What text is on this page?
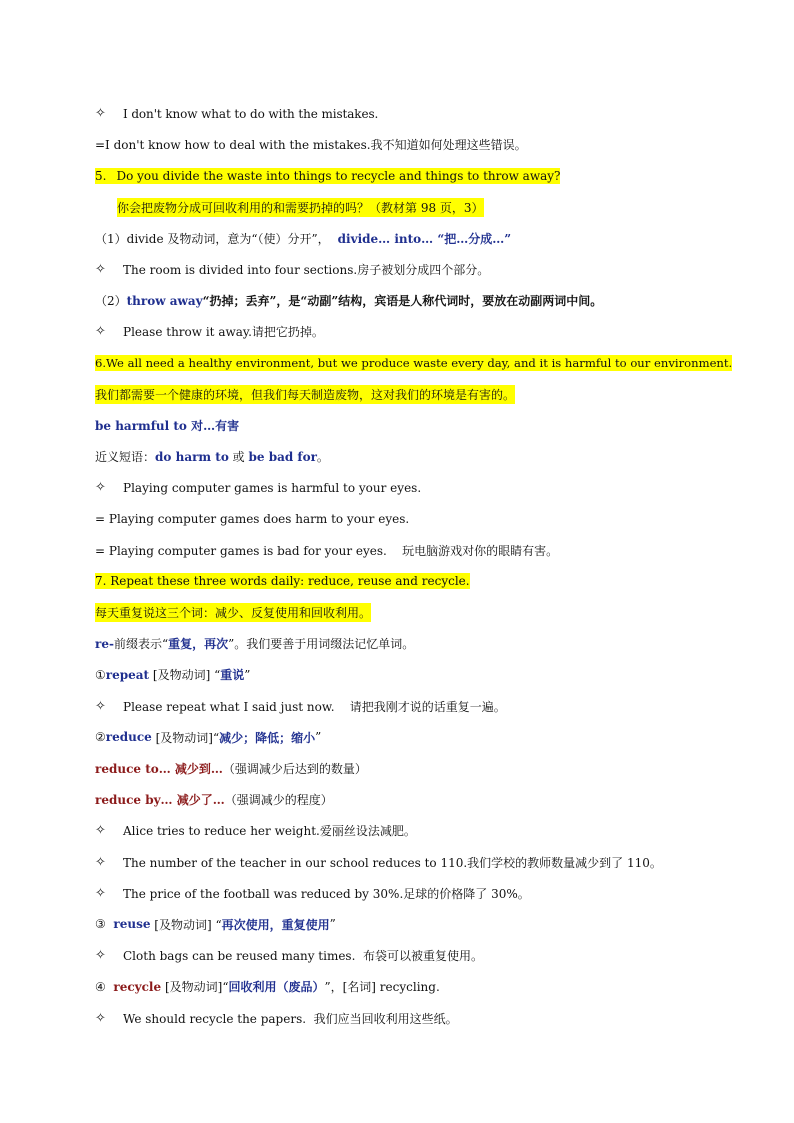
✧	I don't know what to do with the mistakes.
=I don't know how to deal with the mistakes.我不知道如何处理这些错误。
5. Do you divide the waste into things to recycle and things to throw away?
你会把废物分成可回收利用的和需要扔掉的吗？（教材第 98 页，3）
（1）divide 及物动词，意为“（使）分开”， divide… into… “把…分成…”
✧	The room is divided into four sections.房子被划分成四个部分。
（2） throw away “扔掉；丢弃”，是“动副”结构，宾语是人称代词时，要放在动副两词中间。
✧	Please throw it away.请把它扔掉。
6.We all need a healthy environment, but we produce waste every day, and it is harmful to our environment.
我们都需要一个健康的环境，但我们每天制造废物，这对我们的环境是有害的。
be harmful to 对…有害
近义短语： do harm to 或 be bad for 。
✧	Playing computer games is harmful to your eyes.
= Playing computer games does harm to your eyes.
= Playing computer games is bad for your eyes.    玩电脑游戏对你的眼睛有害。
7. Repeat these three words daily: reduce, reuse and recycle.
每天重复说这三个词：减少、反复使用和回收利用。
re- 前缀表示“ 重复，再次 ”。我们要善于用词缀法记忆单词。
① repeat [及物动词] “ 重说 ”
✧	Please repeat what I said just now.    请把我刚才说的话重复一遍。
② reduce [及物动词]“ 减少；降低；缩小 ”
reduce to… 减少到… （强调减少后达到的数量）
reduce by… 减少了… （强调减少的程度）
✧	Alice tries to reduce her weight.爱丽丝设法减肥。
✧	The number of the teacher in our school reduces to 110.我们学校的教师数量减少到了 110。
✧	The price of the football was reduced by 30%.足球的价格降了 30%。
③ reuse [及物动词] “ 再次使用，重复使用 ”
✧	Cloth bags can be reused many times.  布袋可以被重复使用。
④ recycle [及物动词]“ 回收利用（废品） ”，[名词] recycling.
✧	We should recycle the papers.  我们应当回收利用这些纸。
